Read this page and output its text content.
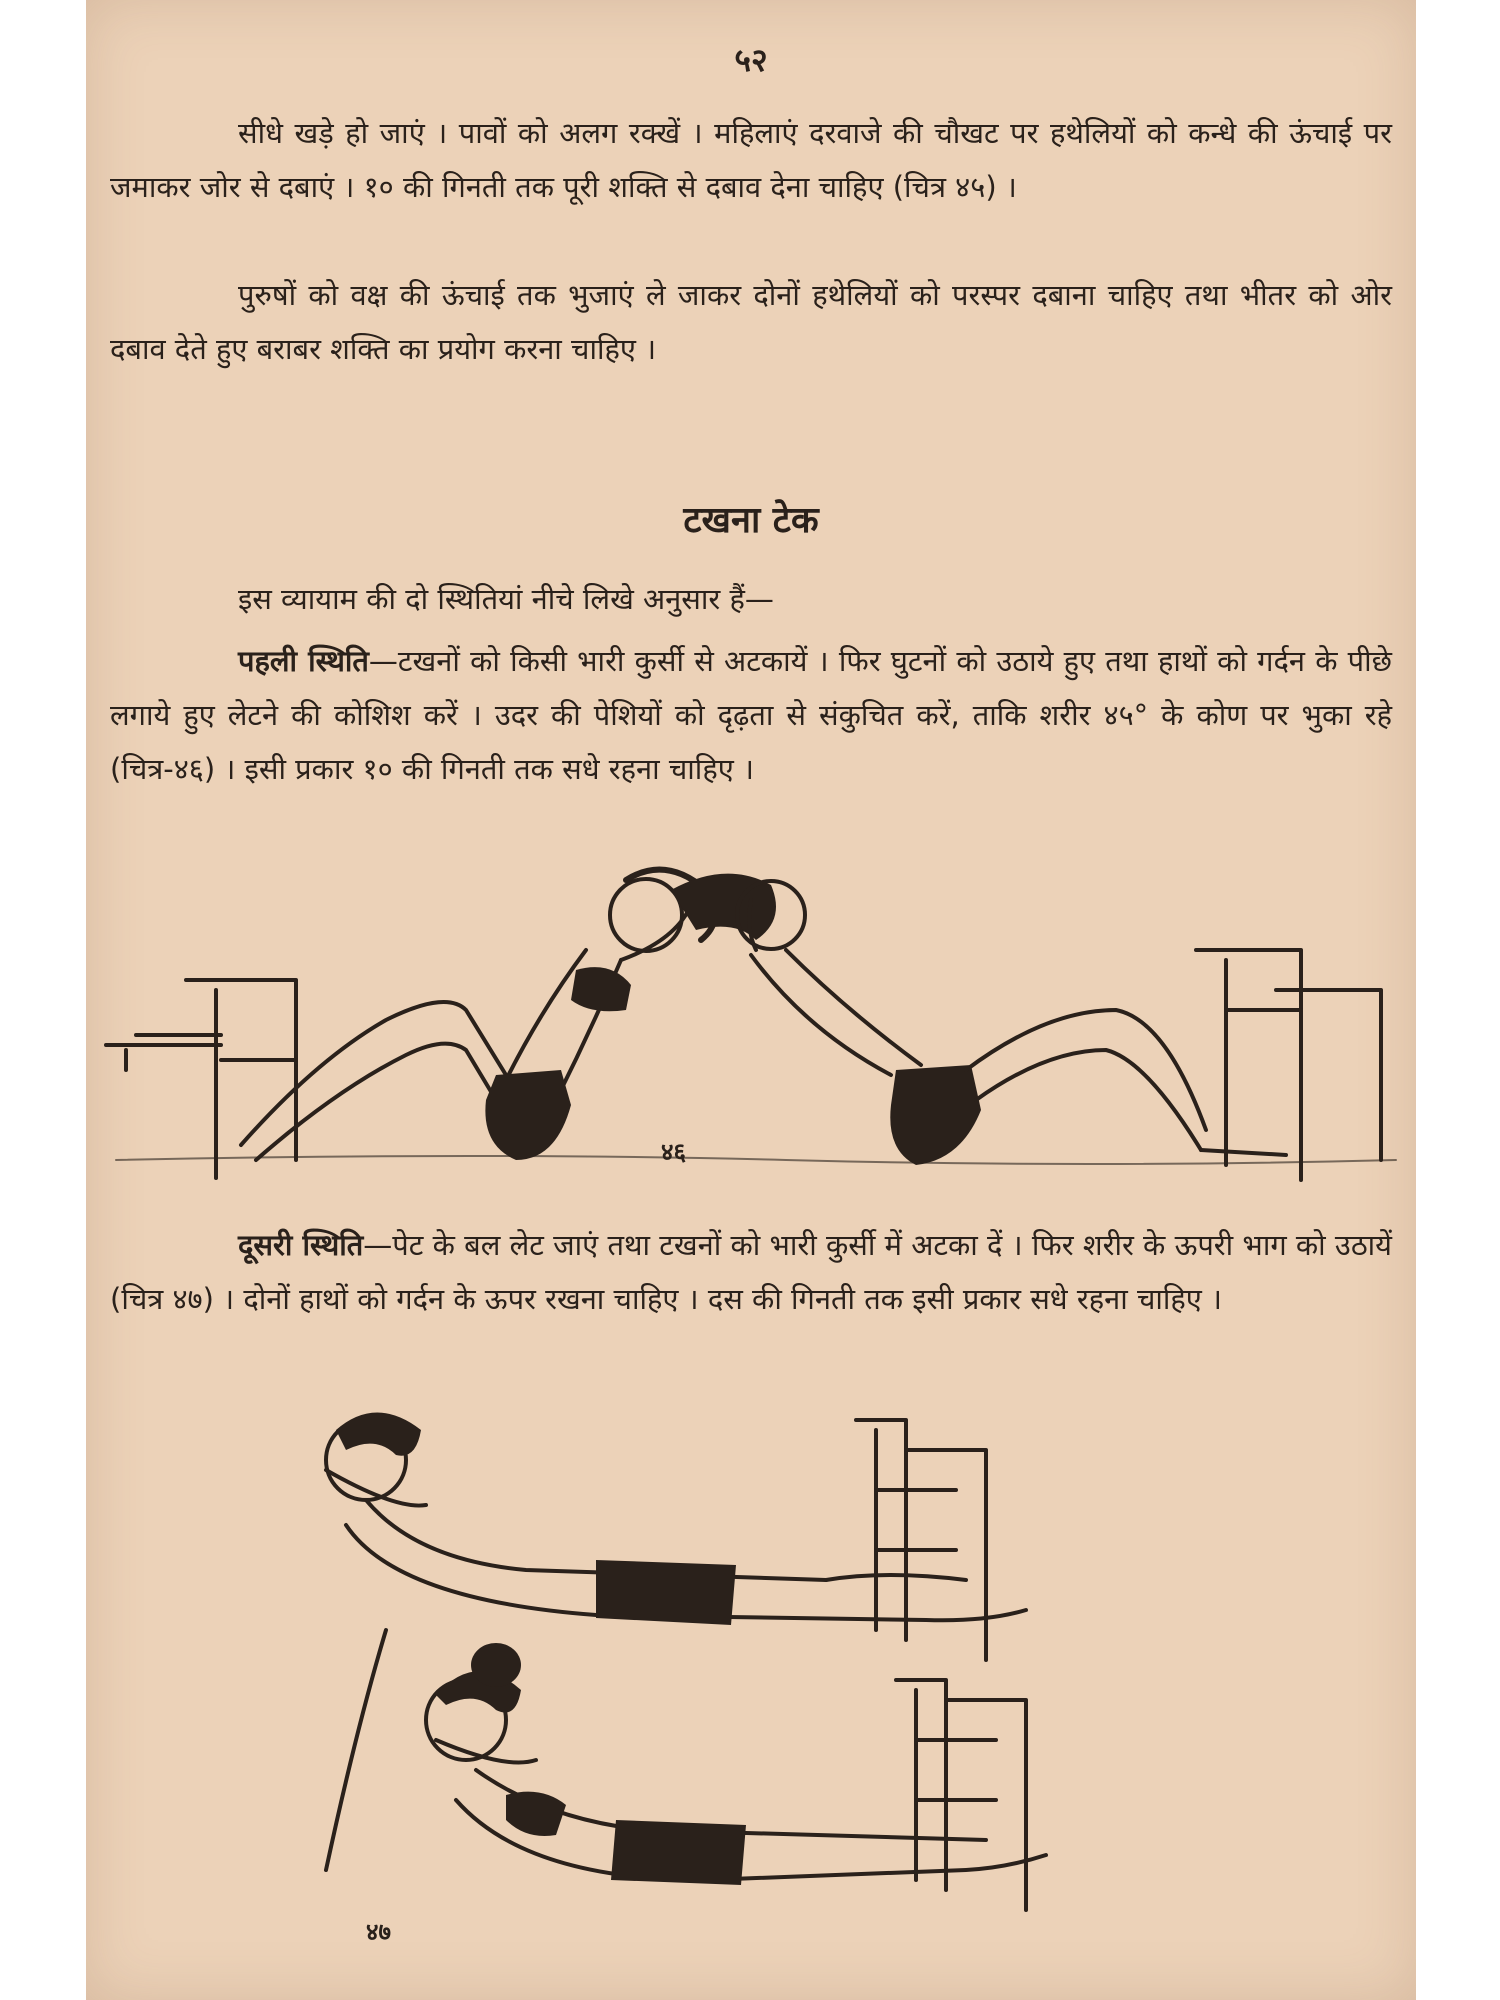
५२

सीधे खड़े हो जाएं । पावों को अलग रक्खें । महिलाएं दरवाजे की चौखट पर हथेलियों को कन्धे की ऊंचाई पर जमाकर जोर से दबाएं । १० की गिनती तक पूरी शक्ति से दबाव देना चाहिए (चित्र ४५) ।

पुरुषों को वक्ष की ऊंचाई तक भुजाएं ले जाकर दोनों हथेलियों को परस्पर दबाना चाहिए तथा भीतर को ओर दबाव देते हुए बराबर शक्ति का प्रयोग करना चाहिए ।

टखना टेक

इस व्यायाम की दो स्थितियां नीचे लिखे अनुसार हैं—

पहली स्थिति—टखनों को किसी भारी कुर्सी से अटकायें । फिर घुटनों को उठाये हुए तथा हाथों को गर्दन के पीछे लगाये हुए लेटने की कोशिश करें । उदर की पेशियों को दृढ़ता से संकुचित करें, ताकि शरीर ४५° के कोण पर भुका रहे (चित्र-४६) । इसी प्रकार १० की गिनती तक सधे रहना चाहिए ।

४६

दूसरी स्थिति—पेट के बल लेट जाएं तथा टखनों को भारी कुर्सी में अटका दें । फिर शरीर के ऊपरी भाग को उठायें (चित्र ४७) । दोनों हाथों को गर्दन के ऊपर रखना चाहिए । दस की गिनती तक इसी प्रकार सधे रहना चाहिए ।

४७
